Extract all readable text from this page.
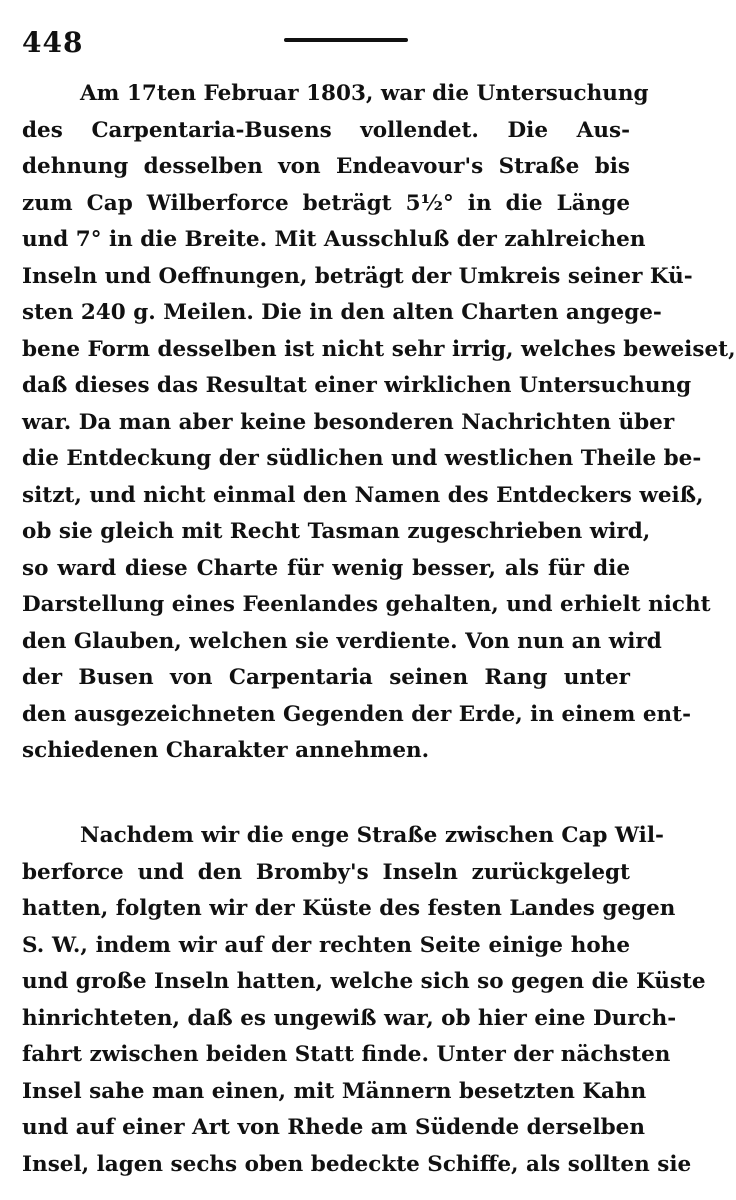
448
Am 17ten Februar 1803, war die Untersuchung
des Carpentaria-Busens vollendet. Die Aus-
dehnung desselben von Endeavour's Straße bis
zum Cap Wilberforce beträgt 5½° in die Länge
und 7° in die Breite. Mit Ausschluß der zahlreichen
Inseln und Oeffnungen, beträgt der Umkreis seiner Kü-
sten 240 g. Meilen. Die in den alten Charten angege-
bene Form desselben ist nicht sehr irrig, welches beweiset,
daß dieses das Resultat einer wirklichen Untersuchung
war. Da man aber keine besonderen Nachrichten über
die Entdeckung der südlichen und westlichen Theile be-
sitzt, und nicht einmal den Namen des Entdeckers weiß,
ob sie gleich mit Recht Tasman zugeschrieben wird,
so ward diese Charte für wenig besser, als für die
Darstellung eines Feenlandes gehalten, und erhielt nicht
den Glauben, welchen sie verdiente. Von nun an wird
der Busen von Carpentaria seinen Rang unter
den ausgezeichneten Gegenden der Erde, in einem ent-
schiedenen Charakter annehmen.
Nachdem wir die enge Straße zwischen Cap Wil-
berforce und den Bromby's Inseln zurückgelegt
hatten, folgten wir der Küste des festen Landes gegen
S. W., indem wir auf der rechten Seite einige hohe
und große Inseln hatten, welche sich so gegen die Küste
hinrichteten, daß es ungewiß war, ob hier eine Durch-
fahrt zwischen beiden Statt finde. Unter der nächsten
Insel sahe man einen, mit Männern besetzten Kahn
und auf einer Art von Rhede am Südende derselben
Insel, lagen sechs oben bedeckte Schiffe, als sollten sie
